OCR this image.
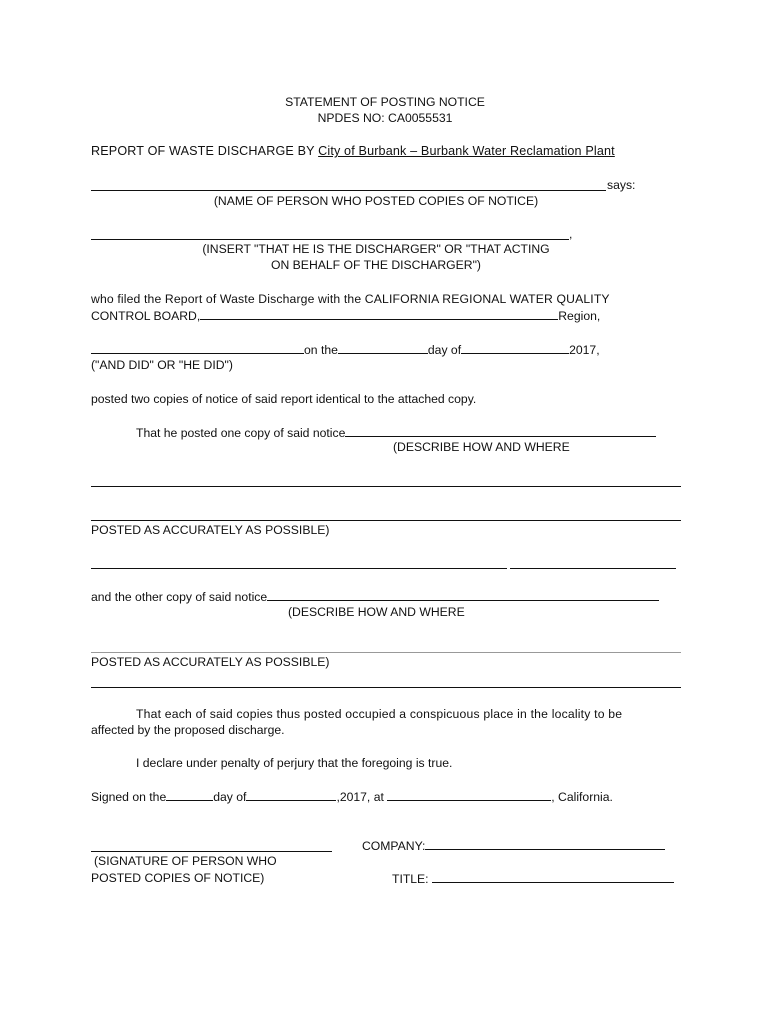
STATEMENT OF POSTING NOTICE
NPDES NO: CA0055531
REPORT OF WASTE DISCHARGE BY City of Burbank – Burbank Water Reclamation Plant
says:
(NAME OF PERSON WHO POSTED COPIES OF NOTICE)
,
(INSERT "THAT HE IS THE DISCHARGER" OR "THAT ACTING
ON BEHALF OF THE DISCHARGER")
who filed the Report of Waste Discharge with the CALIFORNIA REGIONAL WATER QUALITY
CONTROL BOARD,	Region,
on the	day of	2017,
("AND DID" OR "HE DID")
posted two copies of notice of said report identical to the attached copy.
That he posted one copy of said notice
(DESCRIBE HOW AND WHERE
POSTED AS ACCURATELY AS POSSIBLE)
and the other copy of said notice
(DESCRIBE HOW AND WHERE
POSTED AS ACCURATELY AS POSSIBLE)
That each of said copies thus posted occupied a conspicuous place in the locality to be
affected by the proposed discharge.
I declare under penalty of perjury that the foregoing is true.
Signed on the	day of	,2017, at	, California.
(SIGNATURE OF PERSON WHO
POSTED COPIES OF NOTICE)
COMPANY:
TITLE:
